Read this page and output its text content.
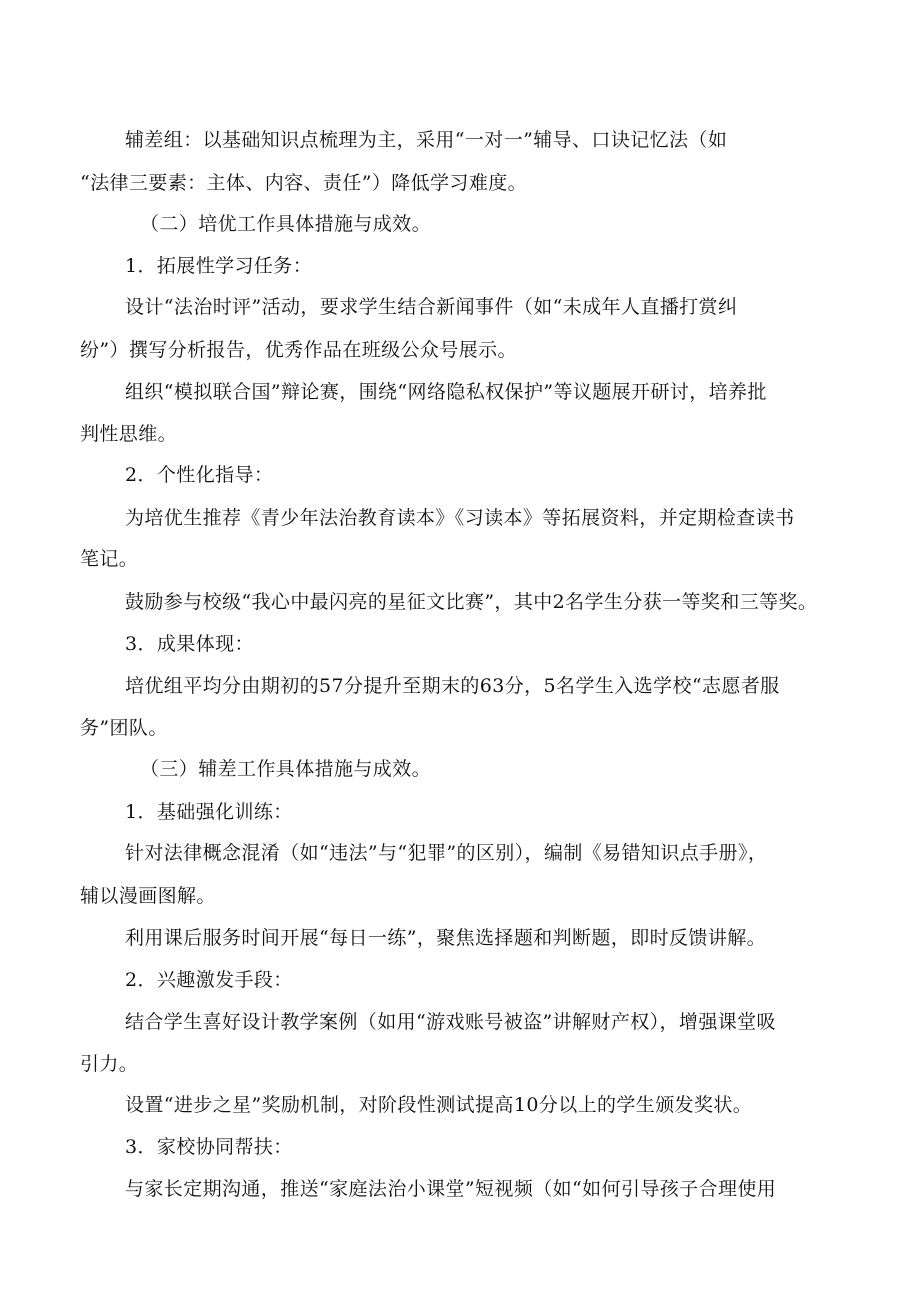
辅差组：以基础知识点梳理为主，采用“一对一”辅导、口诀记忆法（如
“法律三要素：主体、内容、责任”）降低学习难度。
（二）培优工作具体措施与成效。
1．拓展性学习任务：
设计“法治时评”活动，要求学生结合新闻事件（如“未成年人直播打赏纠
纷”）撰写分析报告，优秀作品在班级公众号展示。
组织“模拟联合国”辩论赛，围绕“网络隐私权保护”等议题展开研讨，培养批
判性思维。
2．个性化指导：
为培优生推荐《青少年法治教育读本》《习读本》等拓展资料，并定期检查读书
笔记。
鼓励参与校级“我心中最闪亮的星征文比赛”，其中2名学生分获一等奖和三等奖。
3．成果体现：
培优组平均分由期初的57分提升至期末的63分，5名学生入选学校“志愿者服
务”团队。
（三）辅差工作具体措施与成效。
1．基础强化训练：
针对法律概念混淆（如“违法”与“犯罪”的区别），编制《易错知识点手册》，
辅以漫画图解。
利用课后服务时间开展“每日一练”，聚焦选择题和判断题，即时反馈讲解。
2．兴趣激发手段：
结合学生喜好设计教学案例（如用“游戏账号被盗”讲解财产权），增强课堂吸
引力。
设置“进步之星”奖励机制，对阶段性测试提高10分以上的学生颁发奖状。
3．家校协同帮扶：
与家长定期沟通，推送“家庭法治小课堂”短视频（如“如何引导孩子合理使用
